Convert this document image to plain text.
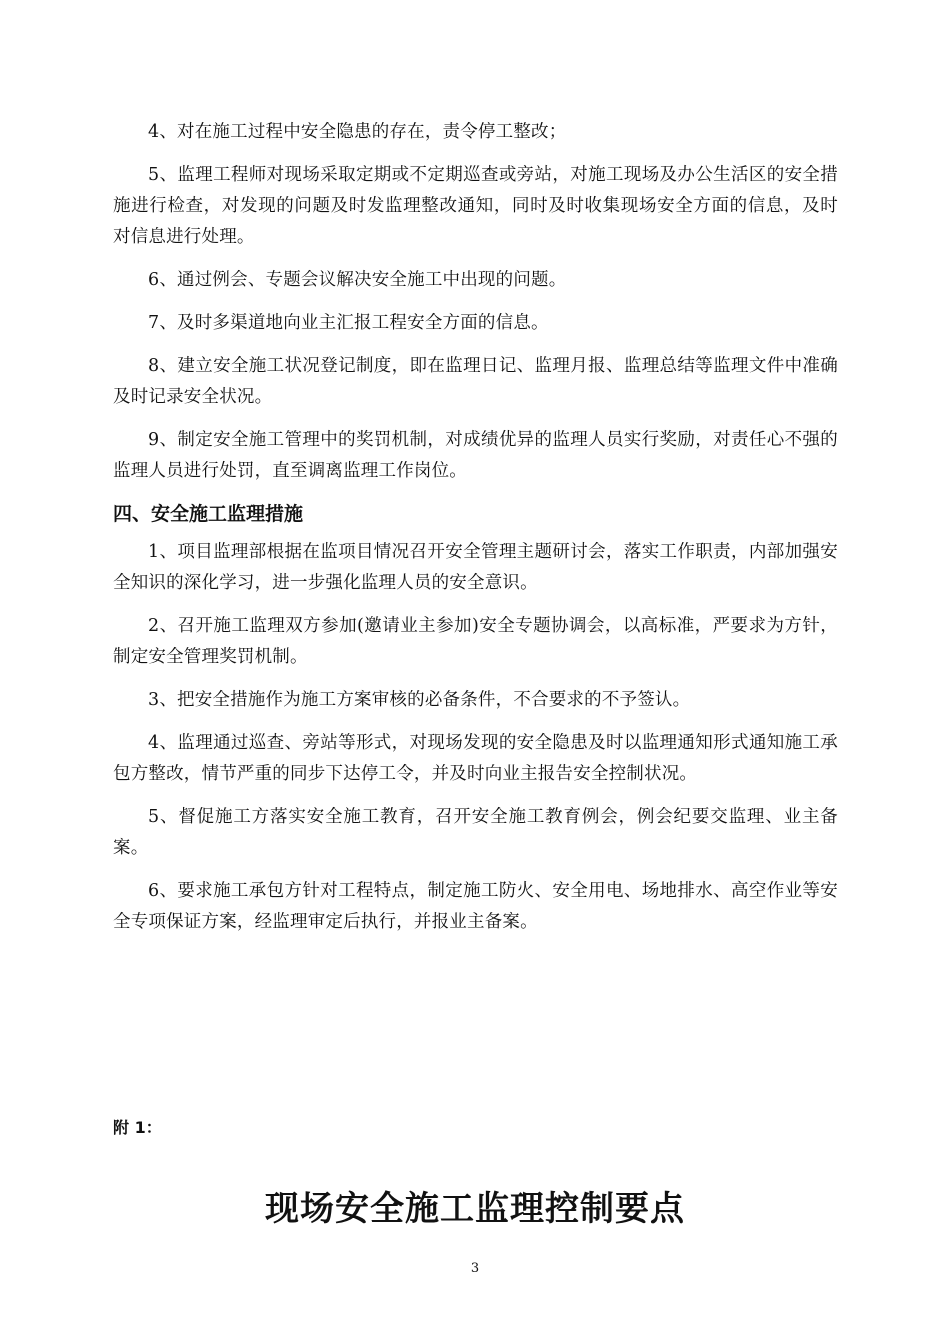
4、对在施工过程中安全隐患的存在，责令停工整改；

5、监理工程师对现场采取定期或不定期巡查或旁站，对施工现场及办公生活区的安全措施进行检查，对发现的问题及时发监理整改通知，同时及时收集现场安全方面的信息，及时对信息进行处理。

6、通过例会、专题会议解决安全施工中出现的问题。

7、及时多渠道地向业主汇报工程安全方面的信息。

8、建立安全施工状况登记制度，即在监理日记、监理月报、监理总结等监理文件中准确及时记录安全状况。

9、制定安全施工管理中的奖罚机制，对成绩优异的监理人员实行奖励，对责任心不强的监理人员进行处罚，直至调离监理工作岗位。

四、安全施工监理措施

1、项目监理部根据在监项目情况召开安全管理主题研讨会，落实工作职责，内部加强安全知识的深化学习，进一步强化监理人员的安全意识。

2、召开施工监理双方参加(邀请业主参加)安全专题协调会，以高标准，严要求为方针，制定安全管理奖罚机制。

3、把安全措施作为施工方案审核的必备条件，不合要求的不予签认。

4、监理通过巡查、旁站等形式，对现场发现的安全隐患及时以监理通知形式通知施工承包方整改，情节严重的同步下达停工令，并及时向业主报告安全控制状况。

5、督促施工方落实安全施工教育，召开安全施工教育例会，例会纪要交监理、业主备案。

6、要求施工承包方针对工程特点，制定施工防火、安全用电、场地排水、高空作业等安全专项保证方案，经监理审定后执行，并报业主备案。

附 1：
现场安全施工监理控制要点
3
